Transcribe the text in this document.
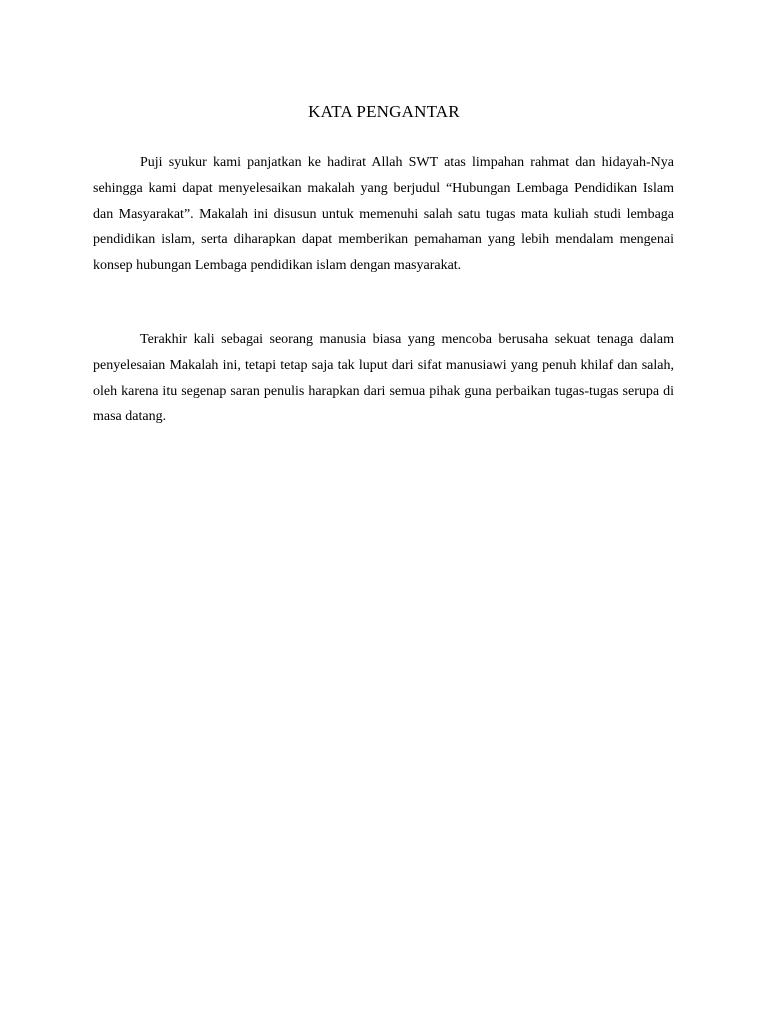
KATA PENGANTAR

Puji syukur kami panjatkan ke hadirat Allah SWT atas limpahan rahmat dan hidayah-Nya sehingga kami dapat menyelesaikan makalah yang berjudul “Hubungan Lembaga Pendidikan Islam dan Masyarakat”. Makalah ini disusun untuk memenuhi salah satu tugas mata kuliah studi lembaga pendidikan islam, serta diharapkan dapat memberikan pemahaman yang lebih mendalam mengenai konsep hubungan Lembaga pendidikan islam dengan masyarakat.

Terakhir kali sebagai seorang manusia biasa yang mencoba berusaha sekuat tenaga dalam penyelesaian Makalah ini, tetapi tetap saja tak luput dari sifat manusiawi yang penuh khilaf dan salah, oleh karena itu segenap saran penulis harapkan dari semua pihak guna perbaikan tugas-tugas serupa di masa datang.
